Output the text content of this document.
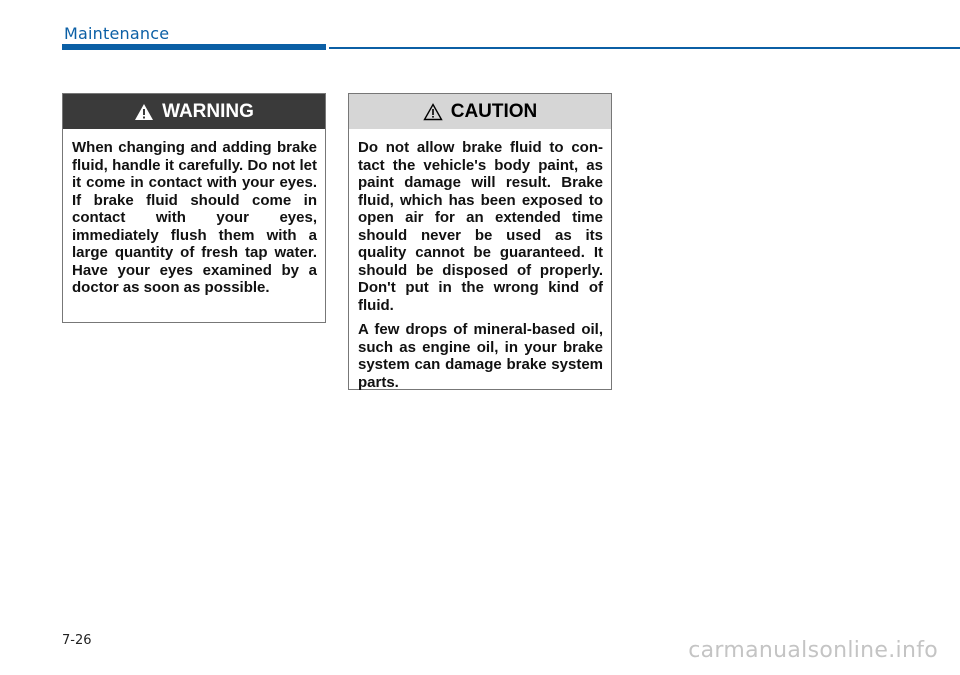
Maintenance
WARNING

When changing and adding brake fluid, handle it carefully. Do not let it come in contact with your eyes. If brake fluid should come in contact with your eyes, immediately flush them with a large quantity of fresh tap water. Have your eyes examined by a doctor as soon as possible.

CAUTION

Do not allow brake fluid to con-tact the vehicle's body paint, as paint damage will result. Brake fluid, which has been exposed to open air for an extended time should never be used as its quality cannot be guaranteed. It should be disposed of properly. Don't put in the wrong kind of fluid.

A few drops of mineral-based oil, such as engine oil, in your brake system can damage brake system parts.

7-26	carmanualsonline.info
